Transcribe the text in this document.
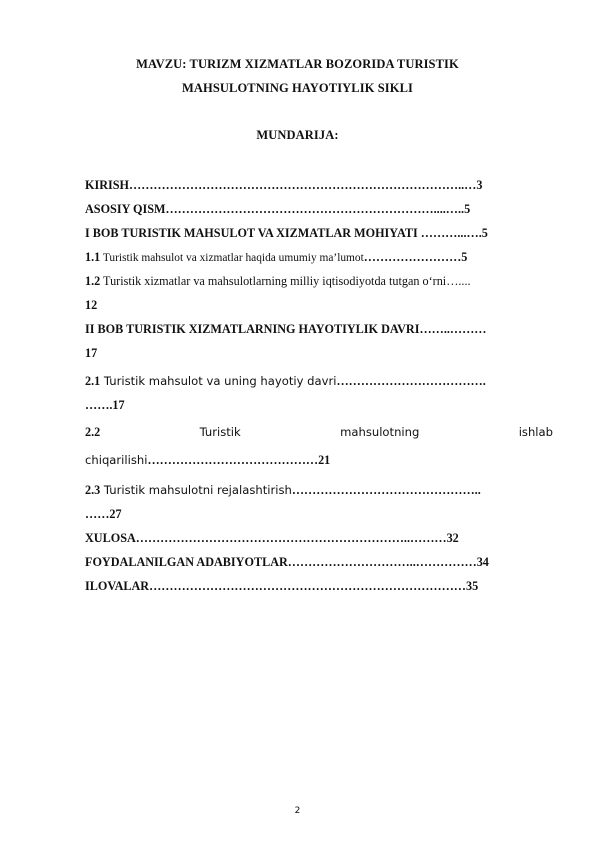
MAVZU: TURIZM XIZMATLAR BOZORIDA TURISTIK
MAHSULOTNING HAYOTIYLIK SIKLI
MUNDARIJA:
KIRISH………………………………………………………………………..…3
ASOSIY QISM…………………………………………………………....…..5
I BOB TURISTIK MAHSULOT VA XIZMATLAR MOHIYATI ………...….5
1.1 Turistik mahsulot va xizmatlar haqida umumiy ma’lumot……………………5
1.2 Turistik xizmatlar va mahsulotlarning milliy iqtisodiyotda tutgan o‘rni…....
12
II BOB TURISTIK XIZMATLARNING HAYOTIYLIK DAVRI……..………
17
2.1 Turistik mahsulot va uning hayotiy davri……………………………….
…….17
2.2	Turistik	mahsulotning	ishlab
chiqarilishi……………………………………21
2.3 Turistik mahsulotni rejalashtirish………………………………………..
……27
XULOSA…………………………………………………………..………32
FOYDALANILGAN ADABIYOTLAR…………………………..……………34
ILOVALAR……………………………………………………………………35
2
